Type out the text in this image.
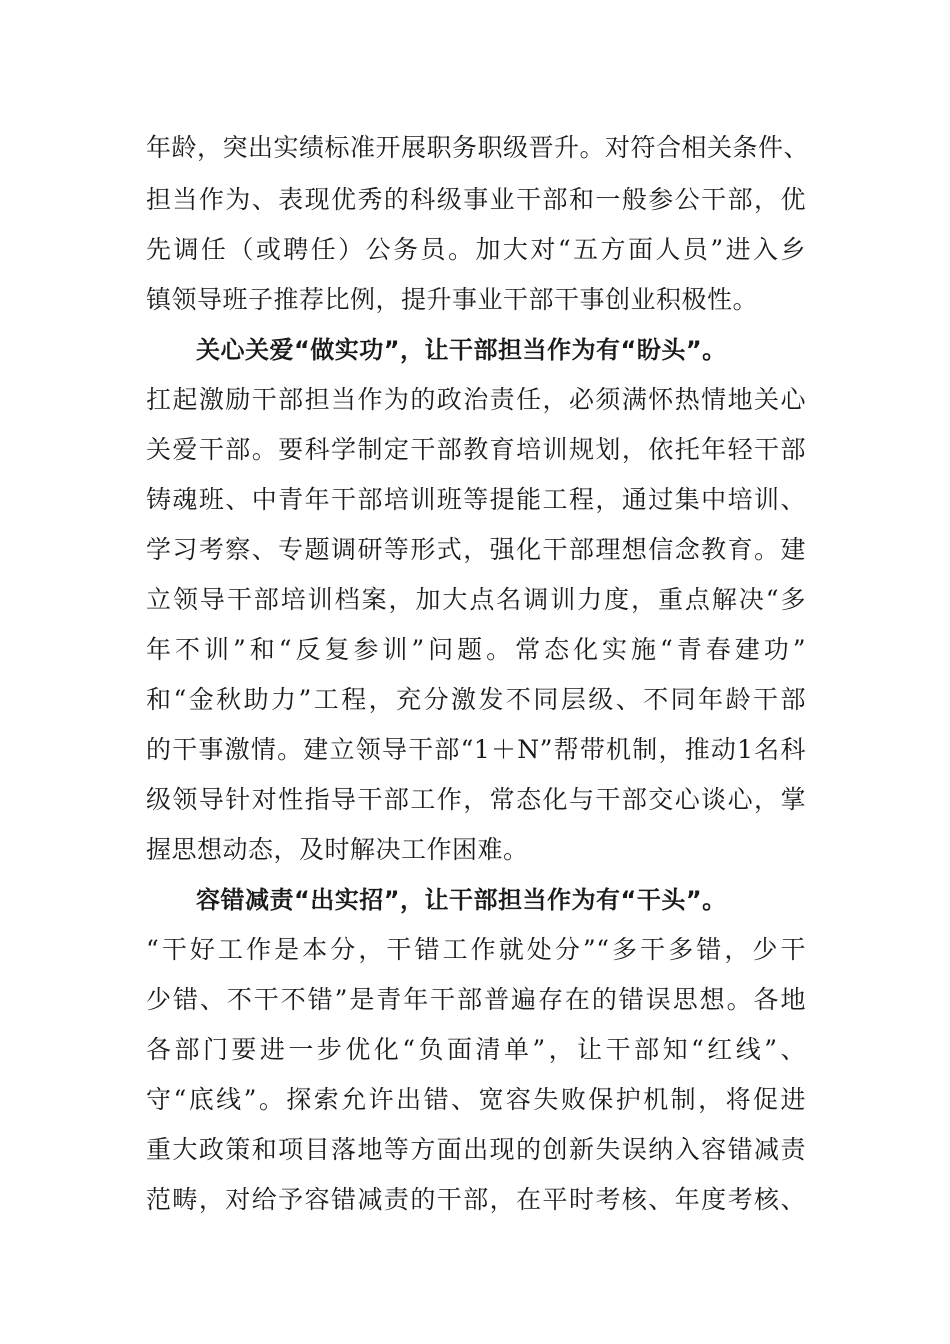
年龄，突出实绩标准开展职务职级晋升。对符合相关条件、
担当作为、表现优秀的科级事业干部和一般参公干部，优
先调任（或聘任）公务员。加大对“五方面人员”进入乡
镇领导班子推荐比例，提升事业干部干事创业积极性。
关心关爱“做实功”，让干部担当作为有“盼头”。
扛起激励干部担当作为的政治责任，必须满怀热情地关心
关爱干部。要科学制定干部教育培训规划，依托年轻干部
铸魂班、中青年干部培训班等提能工程，通过集中培训、
学习考察、专题调研等形式，强化干部理想信念教育。建
立领导干部培训档案，加大点名调训力度，重点解决“多
年不训”和“反复参训”问题。常态化实施“青春建功”
和“金秋助力”工程，充分激发不同层级、不同年龄干部
的干事激情。建立领导干部“1＋N”帮带机制，推动1名科
级领导针对性指导干部工作，常态化与干部交心谈心，掌
握思想动态，及时解决工作困难。
容错减责“出实招”，让干部担当作为有“干头”。
“干好工作是本分，干错工作就处分”“多干多错，少干
少错、不干不错”是青年干部普遍存在的错误思想。各地
各部门要进一步优化“负面清单”，让干部知“红线”、
守“底线”。探索允许出错、宽容失败保护机制，将促进
重大政策和项目落地等方面出现的创新失误纳入容错减责
范畴，对给予容错减责的干部，在平时考核、年度考核、
